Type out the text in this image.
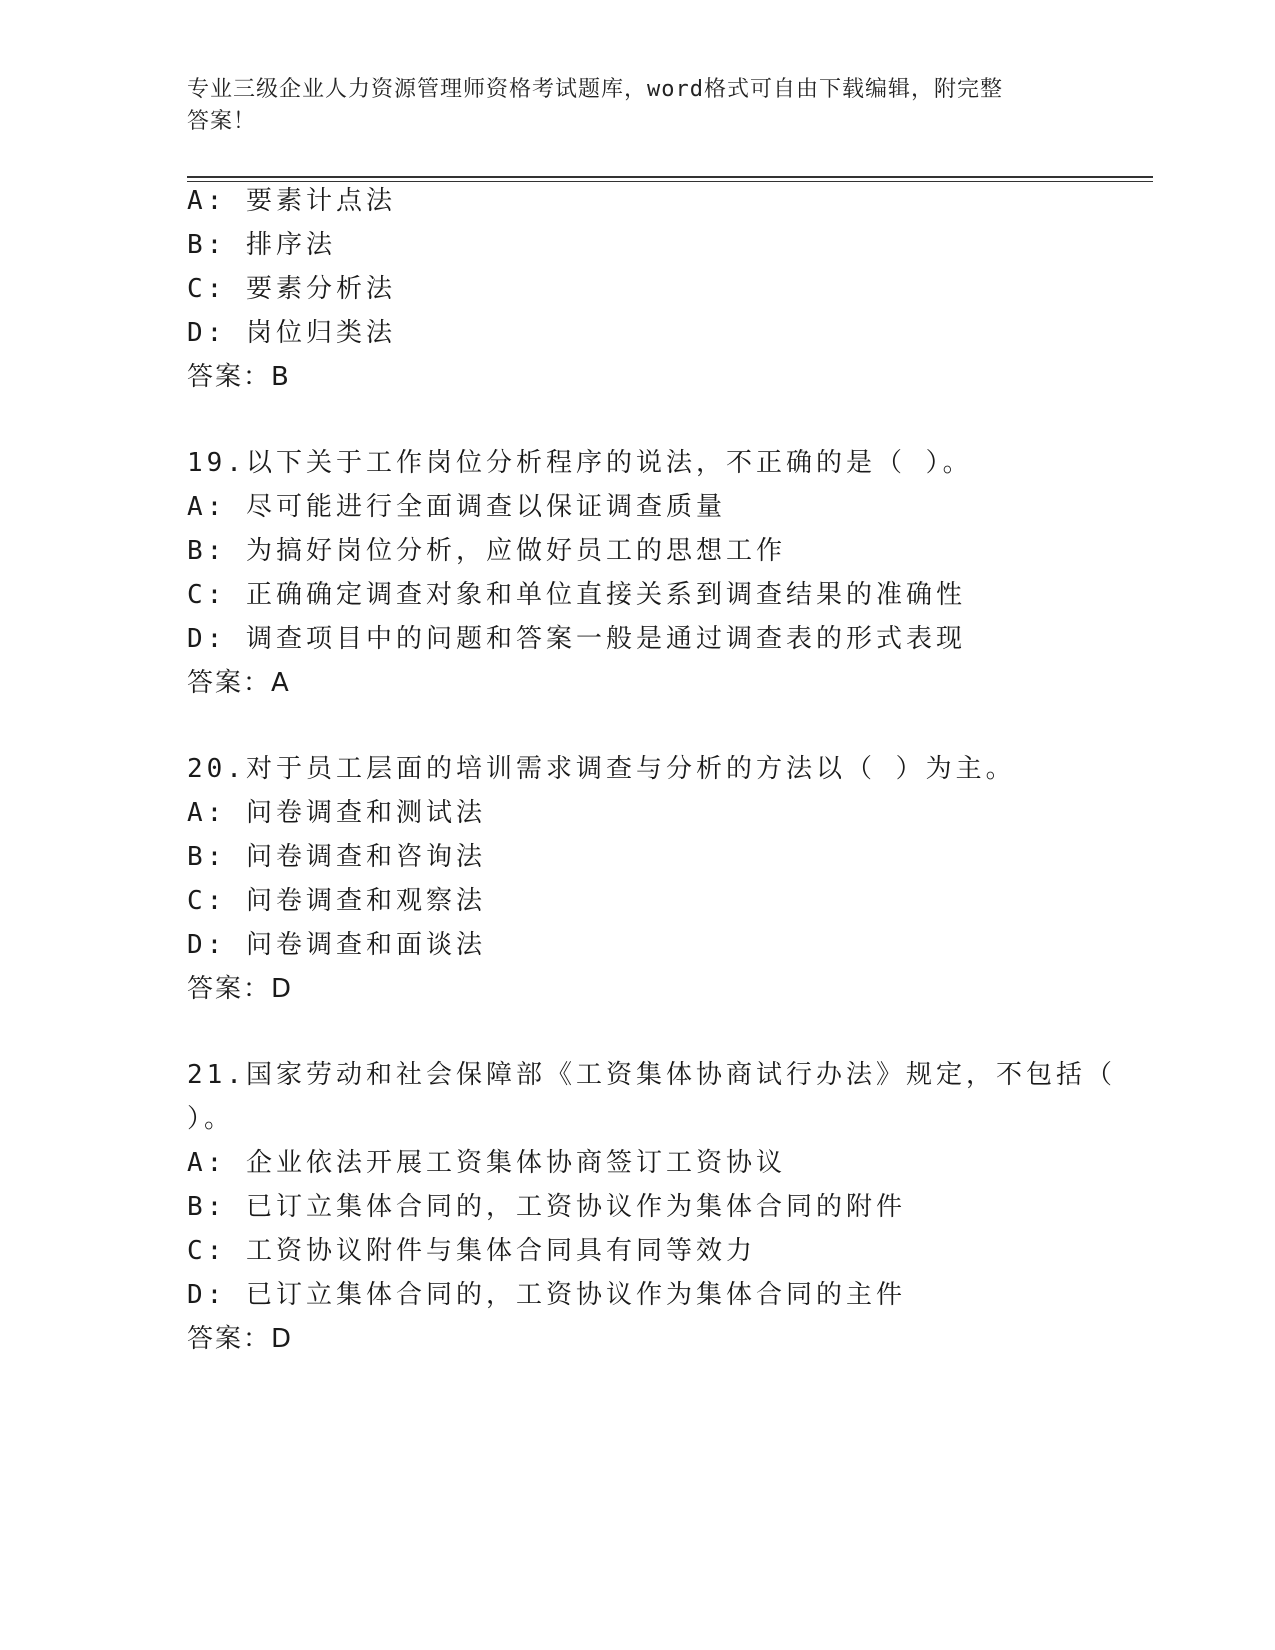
专业三级企业人力资源管理师资格考试题库，word格式可自由下载编辑，附完整
答案！
A: 要素计点法
B: 排序法
C: 要素分析法
D: 岗位归类法
答案：B
19.以下关于工作岗位分析程序的说法，不正确的是（ ）。
A: 尽可能进行全面调查以保证调查质量
B: 为搞好岗位分析，应做好员工的思想工作
C: 正确确定调查对象和单位直接关系到调查结果的准确性
D: 调查项目中的问题和答案一般是通过调查表的形式表现
答案：A
20.对于员工层面的培训需求调查与分析的方法以（ ）为主。
A: 问卷调查和测试法
B: 问卷调查和咨询法
C: 问卷调查和观察法
D: 问卷调查和面谈法
答案：D
21.国家劳动和社会保障部《工资集体协商试行办法》规定，不包括（
）。
A: 企业依法开展工资集体协商签订工资协议
B: 已订立集体合同的，工资协议作为集体合同的附件
C: 工资协议附件与集体合同具有同等效力
D: 已订立集体合同的，工资协议作为集体合同的主件
答案：D
